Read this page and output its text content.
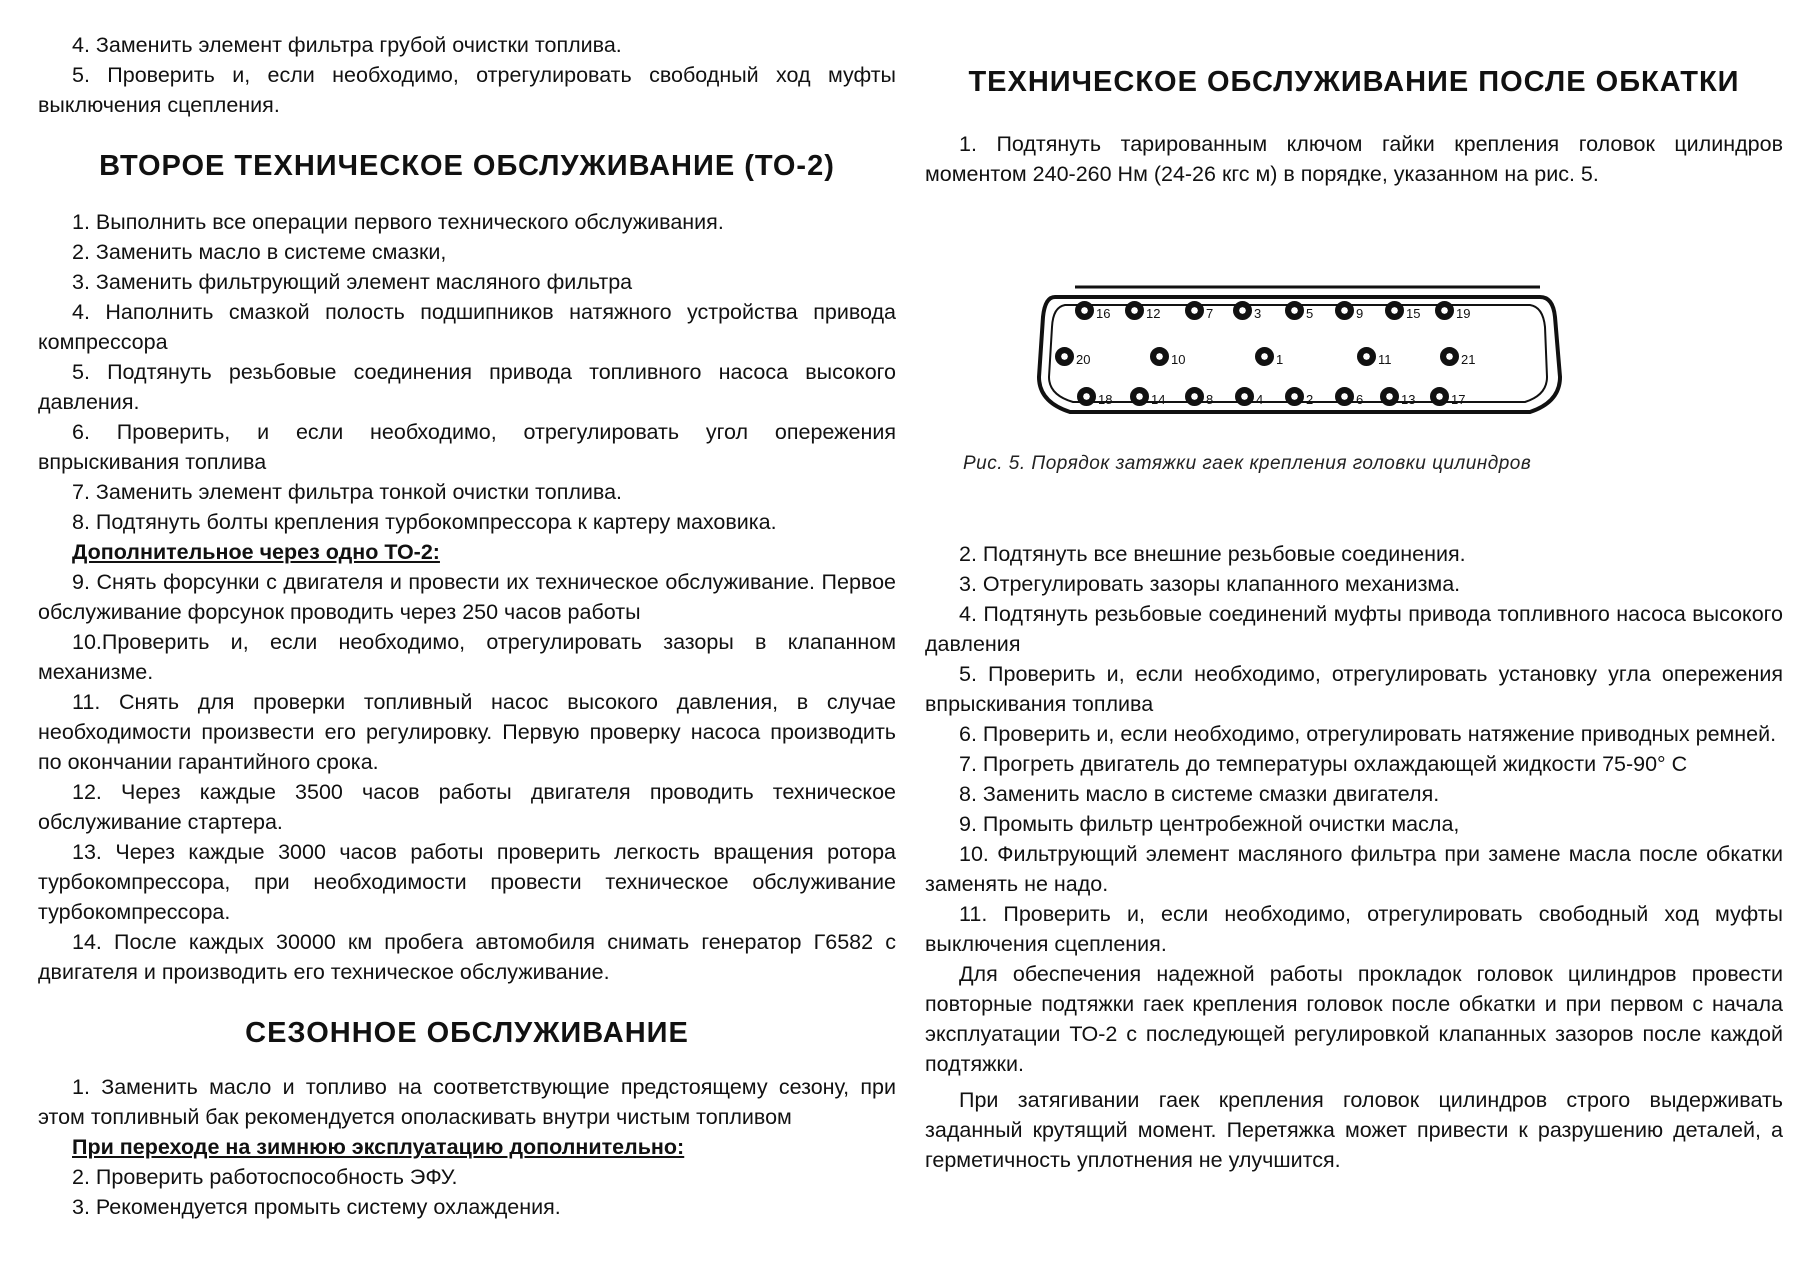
4. Заменить элемент фильтра грубой очистки топлива.

5. Проверить и, если необходимо, отрегулировать свободный ход муфты выключения сцепления.

ВТОРОЕ ТЕХНИЧЕСКОЕ ОБСЛУЖИВАНИЕ (ТО-2)

1. Выполнить все операции первого технического обслуживания.

2. Заменить масло в системе смазки,

3. Заменить фильтрующий элемент масляного фильтра

4. Наполнить смазкой полость подшипников натяжного устройства привода компрессора

5. Подтянуть резьбовые соединения привода топливного насоса высокого давления.

6. Проверить, и если необходимо, отрегулировать угол опережения впрыскивания топлива

7. Заменить элемент фильтра тонкой очистки топлива.

8. Подтянуть болты крепления турбокомпрессора к картеру маховика.

Дополнительное через одно ТО-2:

9. Снять форсунки с двигателя и провести их техническое обслуживание. Первое обслуживание форсунок проводить через 250 часов работы

10.Проверить и, если необходимо, отрегулировать зазоры в клапанном механизме.

11. Снять для проверки топливный насос высокого давления, в случае необходимости произвести его регулировку. Первую проверку насоса производить по окончании гарантийного срока.

12. Через каждые 3500 часов работы двигателя проводить техническое обслуживание стартера.

13. Через каждые 3000 часов работы проверить легкость вращения ротора турбокомпрессора, при необходимости провести техническое обслуживание турбокомпрессора.

14. После каждых 30000 км пробега автомобиля снимать генератор Г6582 с двигателя и производить его техническое обслуживание.

СЕЗОННОЕ ОБСЛУЖИВАНИЕ

1. Заменить масло и топливо на соответствующие предстоящему сезону, при этом топливный бак рекомендуется ополаскивать внутри чистым топливом

При переходе на зимнюю эксплуатацию дополнительно:

2. Проверить работоспособность ЭФУ.

3. Рекомендуется промыть систему охлаждения.

ТЕХНИЧЕСКОЕ ОБСЛУЖИВАНИЕ ПОСЛЕ ОБКАТКИ

1. Подтянуть тарированным ключом гайки крепления головок цилиндров моментом 240-260 Нм (24-26 кгс м) в порядке, указанном на рис. 5.

16	12	7	3	5	9	15	19
20	10	1	11	21
18	14	8	4	2	6	13	17

Рис. 5. Порядок затяжки гаек крепления головки цилиндров

2. Подтянуть все внешние резьбовые соединения.

3. Отрегулировать зазоры клапанного механизма.

4. Подтянуть резьбовые соединений муфты привода топливного насоса высокого давления

5. Проверить и, если необходимо, отрегулировать установку угла опережения впрыскивания топлива

6. Проверить и, если необходимо, отрегулировать натяжение приводных ремней.

7. Прогреть двигатель до температуры охлаждающей жидкости 75-90° С

8. Заменить масло в системе смазки двигателя.

9. Промыть фильтр центробежной очистки масла,

10. Фильтрующий элемент масляного фильтра при замене масла после обкатки заменять не надо.

11. Проверить и, если необходимо, отрегулировать свободный ход муфты выключения сцепления.

Для обеспечения надежной работы прокладок головок цилиндров провести повторные подтяжки гаек крепления головок после обкатки и при первом с начала эксплуатации ТО-2 с последующей регулировкой клапанных зазоров после каждой подтяжки.

При затягивании гаек крепления головок цилиндров строго выдерживать заданный крутящий момент. Перетяжка может привести к разрушению деталей, а герметичность уплотнения не улучшится.
